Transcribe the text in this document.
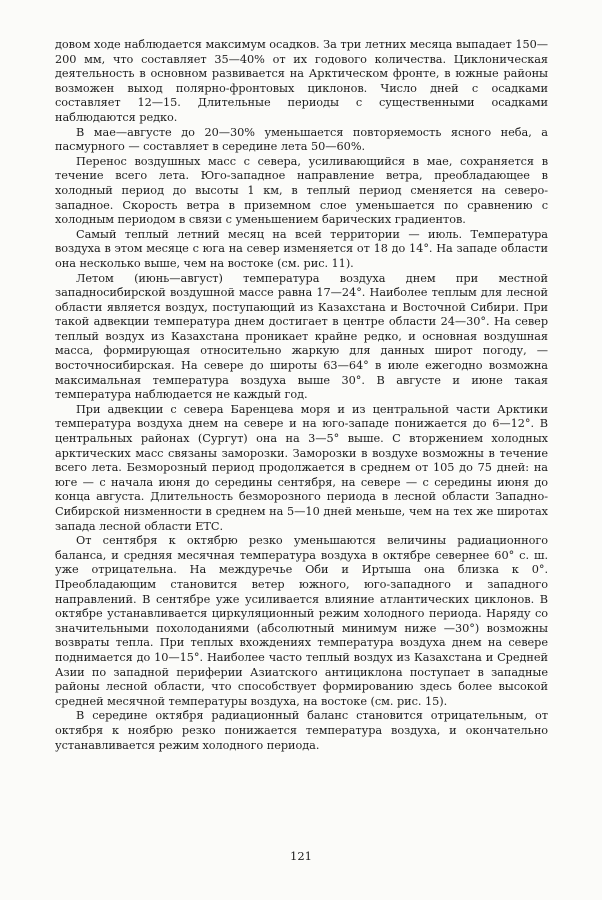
довом ходе наблюдается максимум осадков. За три летних месяца выпадает 150—200 мм, что составляет 35—40% от их годового количества. Циклоническая деятельность в основном развивается на Арктическом фронте, в южные районы возможен выход полярно-фронтовых циклонов. Число дней с осадками составляет 12—15. Длительные периоды с существенными осадками наблюдаются редко.

В мае—августе до 20—30% уменьшается повторяемость ясного неба, а пасмурного — составляет в середине лета 50—60%.

Перенос воздушных масс с севера, усиливающийся в мае, сохраняется в течение всего лета. Юго-западное направление ветра, преобладающее в холодный период до высоты 1 км, в теплый период сменяется на северо-западное. Скорость ветра в приземном слое уменьшается по сравнению с холодным периодом в связи с уменьшением барических градиентов.

Самый теплый летний месяц на всей территории — июль. Температура воздуха в этом месяце с юга на север изменяется от 18 до 14°. На западе области она несколько выше, чем на востоке (см. рис. 11).

Летом (июнь—август) температура воздуха днем при местной западносибирской воздушной массе равна 17—24°. Наиболее теплым для лесной области является воздух, поступающий из Казахстана и Восточной Сибири. При такой адвекции температура днем достигает в центре области 24—30°. На север теплый воздух из Казахстана проникает крайне редко, и основная воздушная масса, формирующая относительно жаркую для данных широт погоду, — восточносибирская. На севере до широты 63—64° в июле ежегодно возможна максимальная температура воздуха выше 30°. В августе и июне такая температура наблюдается не каждый год.

При адвекции с севера Баренцева моря и из центральной части Арктики температура воздуха днем на севере и на юго-западе понижается до 6—12°. В центральных районах (Сургут) она на 3—5° выше. С вторжением холодных арктических масс связаны заморозки. Заморозки в воздухе возможны в течение всего лета. Безморозный период продолжается в среднем от 105 до 75 дней: на юге — с начала июня до середины сентября, на севере — с середины июня до конца августа. Длительность безморозного периода в лесной области Западно-Сибирской низменности в среднем на 5—10 дней меньше, чем на тех же широтах запада лесной области ЕТС.

От сентября к октябрю резко уменьшаются величины радиационного баланса, и средняя месячная температура воздуха в октябре севернее 60° с. ш. уже отрицательна. На междуречье Оби и Иртыша она близка к 0°. Преобладающим становится ветер южного, юго-западного и западного направлений. В сентябре уже усиливается влияние атлантических циклонов. В октябре устанавливается циркуляционный режим холодного периода. Наряду со значительными похолоданиями (абсолютный минимум ниже —30°) возможны возвраты тепла. При теплых вхождениях температура воздуха днем на севере поднимается до 10—15°. Наиболее часто теплый воздух из Казахстана и Средней Азии по западной периферии Азиатского антициклона поступает в западные районы лесной области, что способствует формированию здесь более высокой средней месячной температуры воздуха, на востоке (см. рис. 15).

В середине октября радиационный баланс становится отрицательным, от октября к ноябрю резко понижается температура воздуха, и окончательно устанавливается режим холодного периода.

121
